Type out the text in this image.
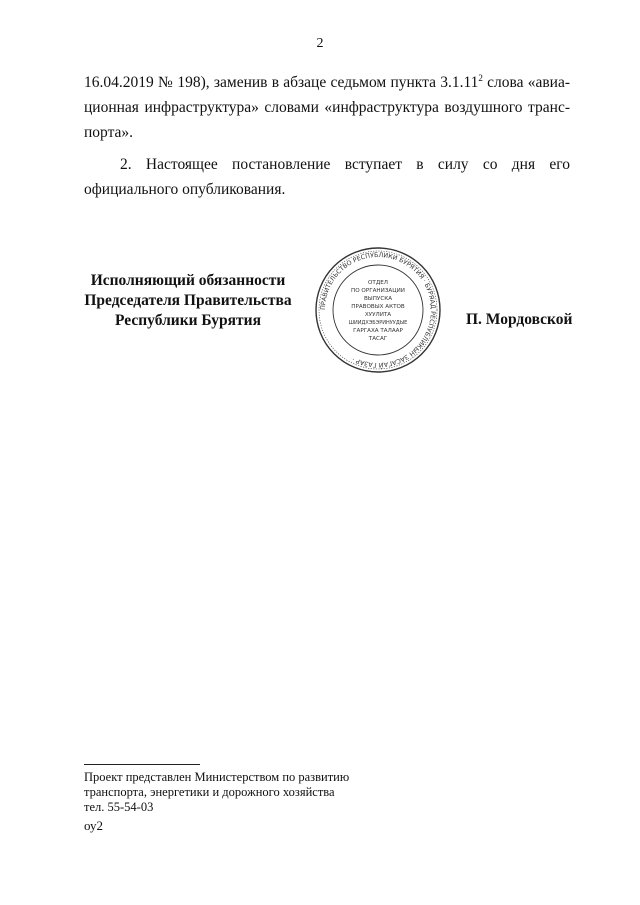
2

16.04.2019 № 198), заменив в абзаце седьмом пункта 3.1.11$^2$ слова «авиационная инфраструктура» словами «инфраструктура воздушного транспорта».

2. Настоящее постановление вступает в силу со дня его официального опубликования.

Исполняющий обязанности
Председателя Правительства
Республики Бурятия
ПРАВИТЕЛЬСТВО РЕСПУБЛИКИ БУРЯТИЯ · БУРЯАД РЕСПУБЛИКЫН ЗАСАГАЙ ГАЗАР ·
ОТДЕЛ
ПО ОРГАНИЗАЦИИ
ВЫПУСКА
ПРАВОВЫХ АКТОВ
ХУУЛИТА
ШИИДХЭБЭРИНУУДЫЕ
ГАРГАХА ТАЛААР
ТАСАГ
П. Мордовской
Проект представлен Министерством по развитию
транспорта, энергетики и дорожного хозяйства
тел. 55-54-03
оу2
